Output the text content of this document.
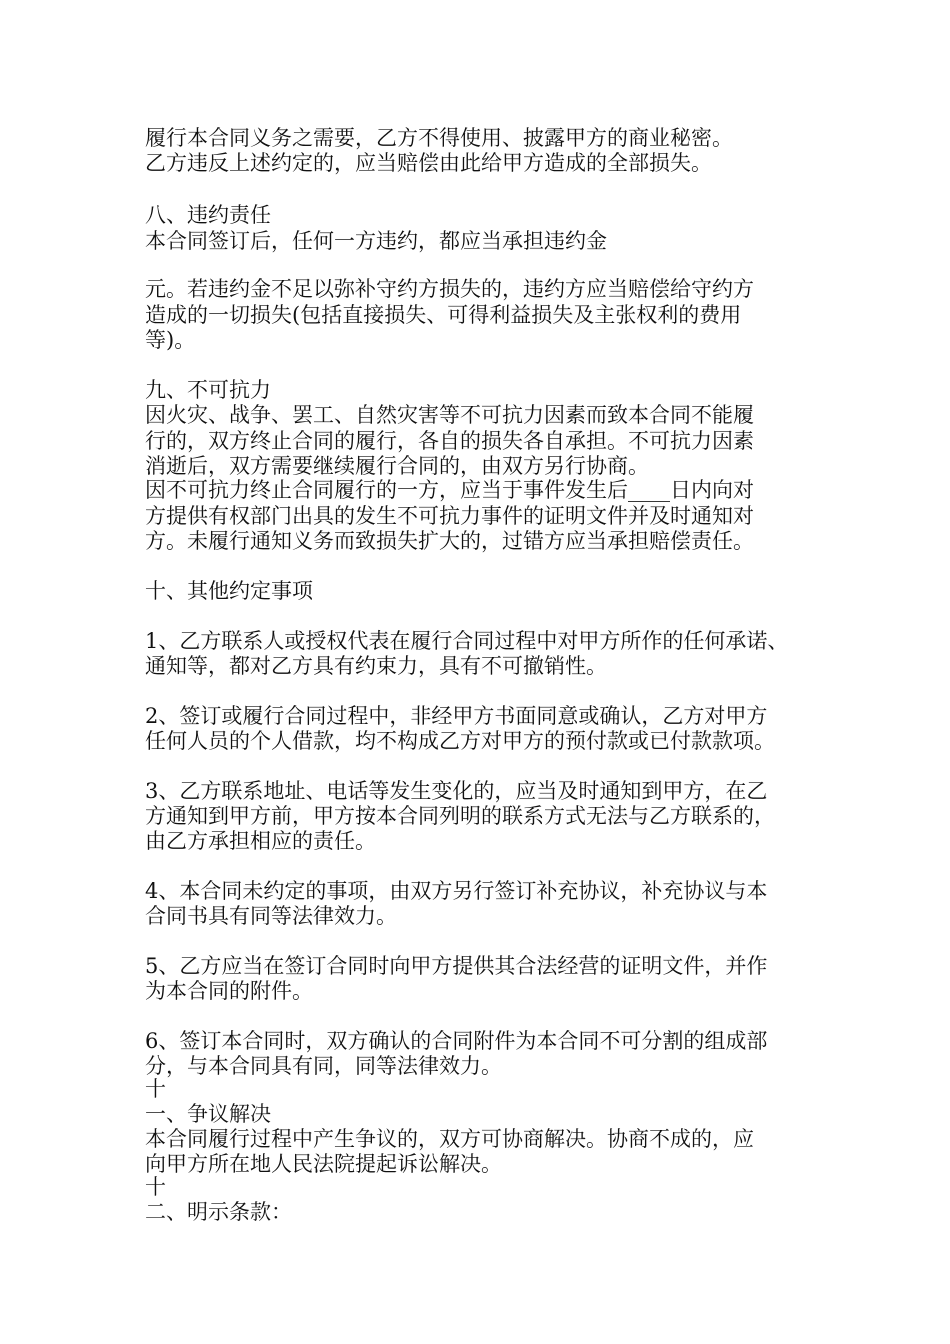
履行本合同义务之需要，乙方不得使用、披露甲方的商业秘密。

乙方违反上述约定的，应当赔偿由此给甲方造成的全部损失。

八、违约责任

本合同签订后，任何一方违约，都应当承担违约金

元。若违约金不足以弥补守约方损失的，违约方应当赔偿给守约方

造成的一切损失(包括直接损失、可得利益损失及主张权利的费用

等)。

九、不可抗力

因火灾、战争、罢工、自然灾害等不可抗力因素而致本合同不能履

行的，双方终止合同的履行，各自的损失各自承担。不可抗力因素

消逝后，双方需要继续履行合同的，由双方另行协商。

因不可抗力终止合同履行的一方，应当于事件发生后____日内向对

方提供有权部门出具的发生不可抗力事件的证明文件并及时通知对

方。未履行通知义务而致损失扩大的，过错方应当承担赔偿责任。

十、其他约定事项

1、乙方联系人或授权代表在履行合同过程中对甲方所作的任何承诺、

通知等，都对乙方具有约束力，具有不可撤销性。

2、签订或履行合同过程中，非经甲方书面同意或确认，乙方对甲方

任何人员的个人借款，均不构成乙方对甲方的预付款或已付款款项。

3、乙方联系地址、电话等发生变化的，应当及时通知到甲方，在乙

方通知到甲方前，甲方按本合同列明的联系方式无法与乙方联系的，

由乙方承担相应的责任。

4、本合同未约定的事项，由双方另行签订补充协议，补充协议与本

合同书具有同等法律效力。

5、乙方应当在签订合同时向甲方提供其合法经营的证明文件，并作

为本合同的附件。

6、签订本合同时，双方确认的合同附件为本合同不可分割的组成部

分，与本合同具有同，同等法律效力。

十

一、争议解决

本合同履行过程中产生争议的，双方可协商解决。协商不成的，应

向甲方所在地人民法院提起诉讼解决。

十

二、明示条款：
